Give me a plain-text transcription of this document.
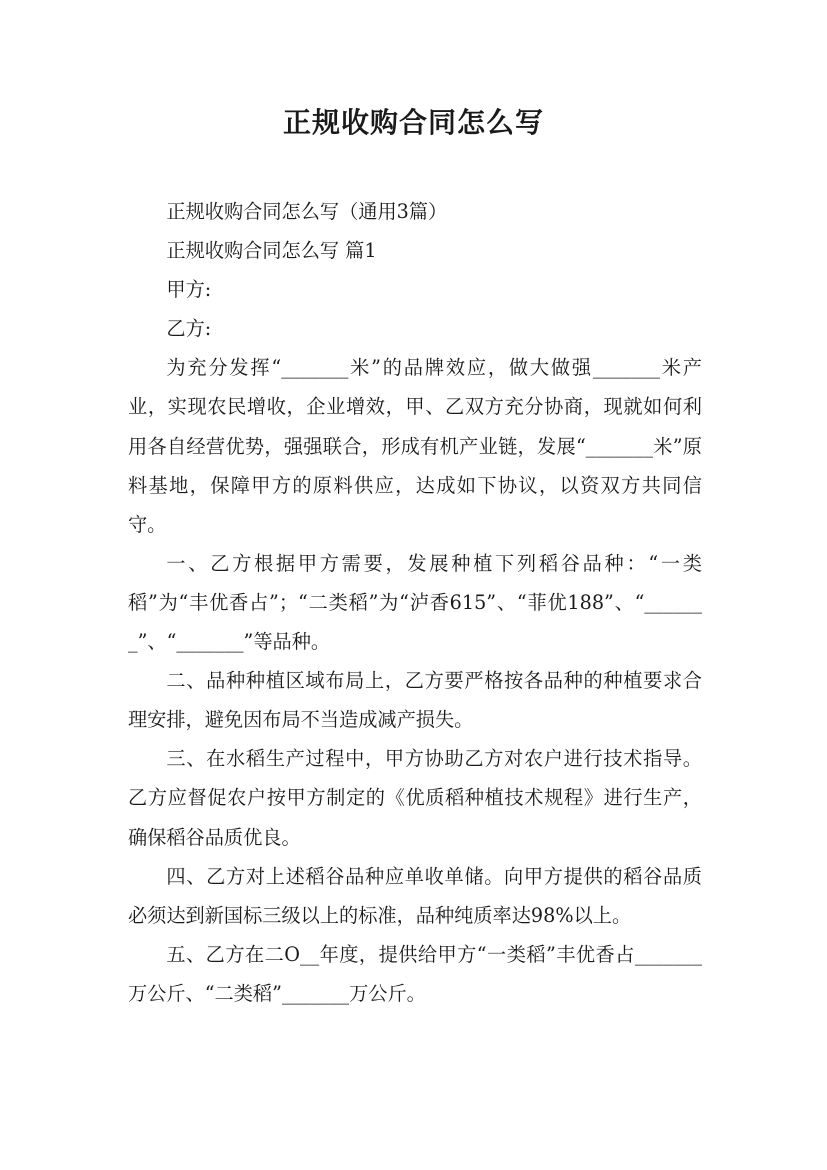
正规收购合同怎么写

正规收购合同怎么写（通用3篇）

正规收购合同怎么写 篇1

甲方:

乙方:

为充分发挥“_______米”的品牌效应，做大做强_______米产业，实现农民增收，企业增效，甲、乙双方充分协商，现就如何利用各自经营优势，强强联合，形成有机产业链，发展“_______米”原料基地，保障甲方的原料供应，达成如下协议，以资双方共同信守。

一、乙方根据甲方需要，发展种植下列稻谷品种：“一类稻”为“丰优香占”；“二类稻”为“泸香615”、“菲优188”、“_______”、“_______”等品种。

二、品种种植区域布局上，乙方要严格按各品种的种植要求合理安排，避免因布局不当造成减产损失。

三、在水稻生产过程中，甲方协助乙方对农户进行技术指导。乙方应督促农户按甲方制定的《优质稻种植技术规程》进行生产，确保稻谷品质优良。

四、乙方对上述稻谷品种应单收单储。向甲方提供的稻谷品质必须达到新国标三级以上的标准，品种纯质率达98%以上。

五、乙方在二O__年度，提供给甲方“一类稻”丰优香占_______万公斤、“二类稻”_______万公斤。
